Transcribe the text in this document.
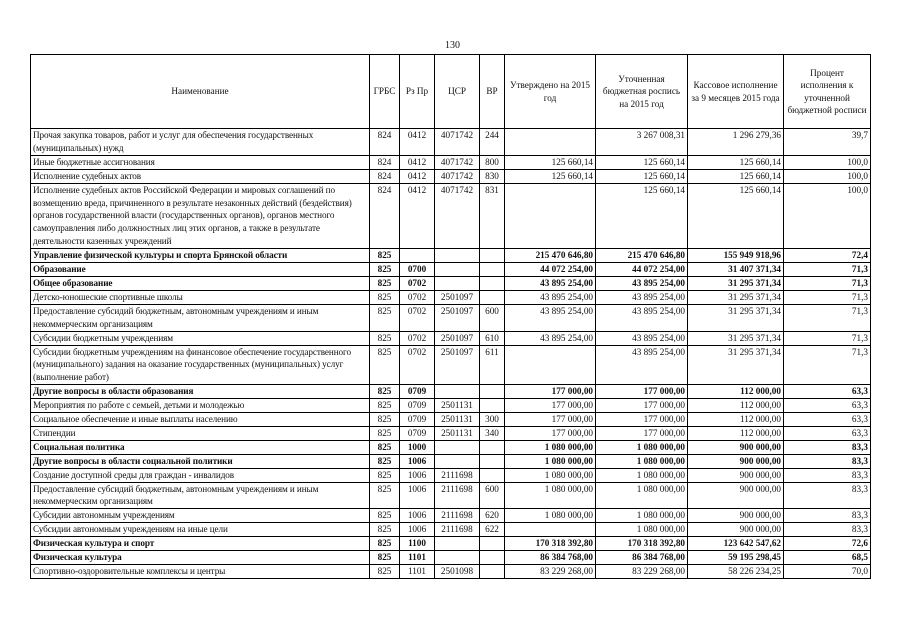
130
Наименование	ГРБС	Рз Пр	ЦСР	ВР	Утверждено на 2015 год	Уточненная бюджетная роспись на 2015 год	Кассовое исполнение за 9 месяцев 2015 года	Процент исполнения к уточненной бюджетной росписи
Прочая закупка товаров, работ и услуг для обеспечения государственных (муниципальных) нужд	824	0412	4071742	244		3 267 008,31	1 296 279,36	39,7
Иные бюджетные ассигнования	824	0412	4071742	800	125 660,14	125 660,14	125 660,14	100,0
Исполнение судебных актов	824	0412	4071742	830	125 660,14	125 660,14	125 660,14	100,0
Исполнение судебных актов Российской Федерации и мировых соглашений по возмещению вреда, причиненного в результате незаконных действий (бездействия) органов государственной власти (государственных органов), органов местного самоуправления либо должностных лиц этих органов, а также в результате деятельности казенных учреждений	824	0412	4071742	831		125 660,14	125 660,14	100,0
Управление физической культуры и спорта Брянской области	825				215 470 646,80	215 470 646,80	155 949 918,96	72,4
Образование	825	0700			44 072 254,00	44 072 254,00	31 407 371,34	71,3
Общее образование	825	0702			43 895 254,00	43 895 254,00	31 295 371,34	71,3
Детско-юношеские спортивные школы	825	0702	2501097		43 895 254,00	43 895 254,00	31 295 371,34	71,3
Предоставление субсидий бюджетным, автономным учреждениям и иным некоммерческим организациям	825	0702	2501097	600	43 895 254,00	43 895 254,00	31 295 371,34	71,3
Субсидии бюджетным учреждениям	825	0702	2501097	610	43 895 254,00	43 895 254,00	31 295 371,34	71,3
Субсидии бюджетным учреждениям на финансовое обеспечение государственного (муниципального) задания на оказание государственных (муниципальных) услуг (выполнение работ)	825	0702	2501097	611		43 895 254,00	31 295 371,34	71,3
Другие вопросы в области образования	825	0709			177 000,00	177 000,00	112 000,00	63,3
Мероприятия по работе с семьей, детьми и молодежью	825	0709	2501131		177 000,00	177 000,00	112 000,00	63,3
Социальное обеспечение и иные выплаты населению	825	0709	2501131	300	177 000,00	177 000,00	112 000,00	63,3
Стипендии	825	0709	2501131	340	177 000,00	177 000,00	112 000,00	63,3
Социальная политика	825	1000			1 080 000,00	1 080 000,00	900 000,00	83,3
Другие вопросы в области социальной политики	825	1006			1 080 000,00	1 080 000,00	900 000,00	83,3
Создание доступной среды для граждан - инвалидов	825	1006	2111698		1 080 000,00	1 080 000,00	900 000,00	83,3
Предоставление субсидий бюджетным, автономным учреждениям и иным некоммерческим организациям	825	1006	2111698	600	1 080 000,00	1 080 000,00	900 000,00	83,3
Субсидии автономным учреждениям	825	1006	2111698	620	1 080 000,00	1 080 000,00	900 000,00	83,3
Субсидии автономным учреждениям на иные цели	825	1006	2111698	622		1 080 000,00	900 000,00	83,3
Физическая культура и спорт	825	1100			170 318 392,80	170 318 392,80	123 642 547,62	72,6
Физическая культура	825	1101			86 384 768,00	86 384 768,00	59 195 298,45	68,5
Спортивно-оздоровительные комплексы и центры	825	1101	2501098		83 229 268,00	83 229 268,00	58 226 234,25	70,0
